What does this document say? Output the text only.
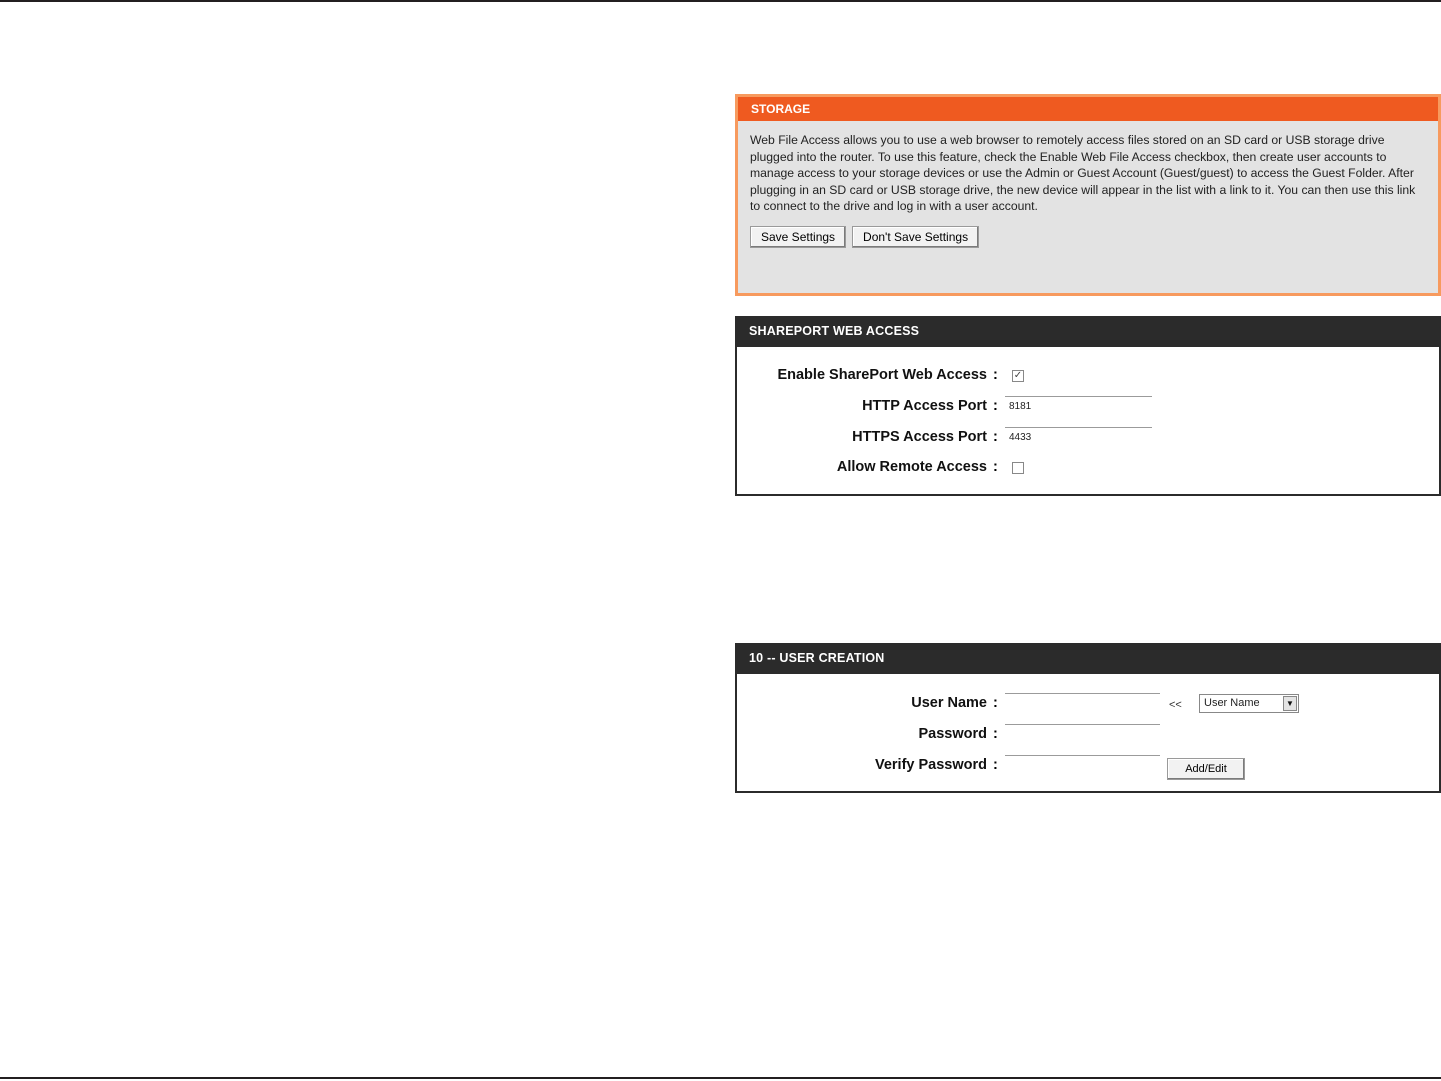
STORAGE

Web File Access allows you to use a web browser to remotely access files stored on an SD card or USB storage drive plugged into the router. To use this feature, check the Enable Web File Access checkbox, then create user accounts to manage access to your storage devices or use the Admin or Guest Account (Guest/guest) to access the Guest Folder. After plugging in an SD card or USB storage drive, the new device will appear in the list with a link to it. You can then use this link to connect to the drive and log in with a user account.

Save Settings	Don't Save Settings
SHAREPORT WEB ACCESS
Enable SharePort Web Access : ✓
HTTP Access Port :
8181
HTTPS Access Port :
4433
Allow Remote Access :
10 -- USER CREATION
User Name :	<<	User Name	▼
Password :
Verify Password :	Add/Edit
